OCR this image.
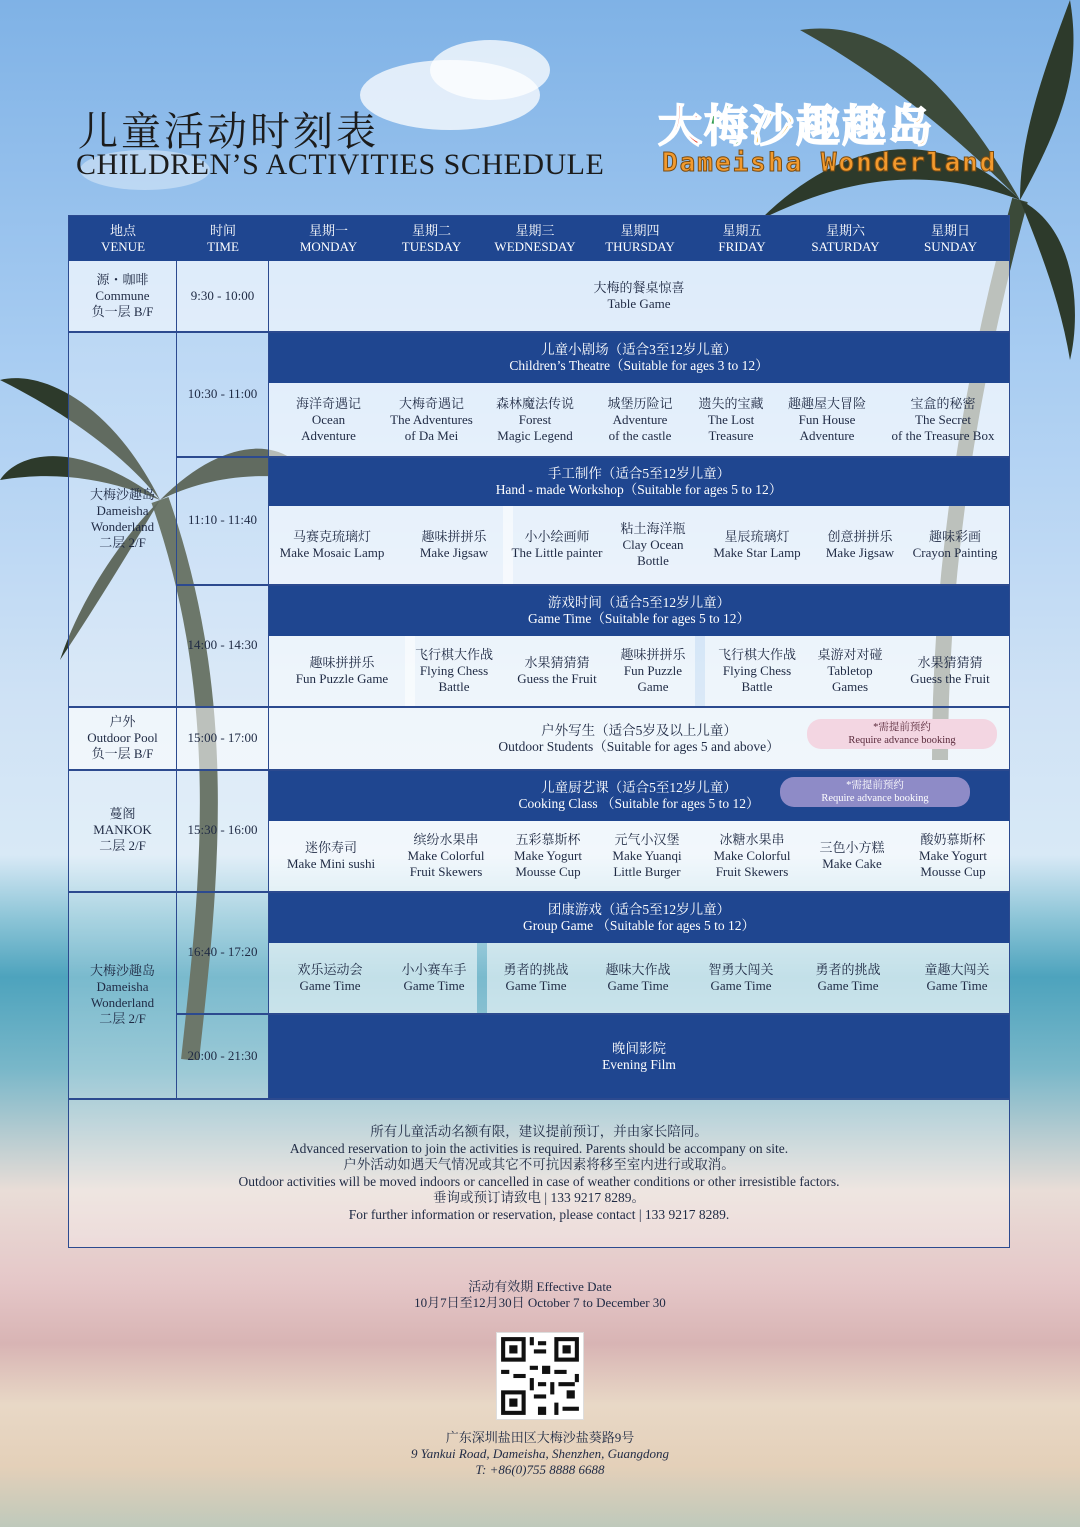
儿童活动时刻表
CHILDREN’S ACTIVITIES SCHEDULE
大梅沙趣趣岛
Dameisha Wonderland
地点
VENUE
时间
TIME
星期一
MONDAY
星期二
TUESDAY
星期三
WEDNESDAY
星期四
THURSDAY
星期五
FRIDAY
星期六
SATURDAY
星期日
SUNDAY
源・咖啡
Commune
负一层 B/F
大梅沙趣岛
Dameisha
Wonderland
二层 2/F
户外
Outdoor Pool
负一层 B/F
蔓阁
MANKOK
二层 2/F
大梅沙趣岛
Dameisha
Wonderland
二层 2/F
9:30 - 10:00
10:30 - 11:00
11:10 - 11:40
14:00 - 14:30
15:00 - 17:00
15:30 - 16:00
16:40 - 17:20
20:00 - 21:30
大梅的餐桌惊喜
Table Game
儿童小剧场（适合3至12岁儿童）
Children’s Theatre（Suitable for ages 3 to 12）
海洋奇遇记
Ocean
Adventure
大梅奇遇记
The Adventures
of Da Mei
森林魔法传说
Forest
Magic Legend
城堡历险记
Adventure
of the castle
遗失的宝藏
The Lost
Treasure
趣趣屋大冒险
Fun House
Adventure
宝盒的秘密
The Secret
of the Treasure Box
手工制作（适合5至12岁儿童）
Hand - made Workshop（Suitable for ages 5 to 12）
马赛克琉璃灯
Make Mosaic Lamp
趣味拼拼乐
Make Jigsaw
小小绘画师
The Little painter
粘土海洋瓶
Clay Ocean
Bottle
星辰琉璃灯
Make Star Lamp
创意拼拼乐
Make Jigsaw
趣味彩画
Crayon Painting
游戏时间（适合5至12岁儿童）
Game Time（Suitable for ages 5 to 12）
趣味拼拼乐
Fun Puzzle Game
飞行棋大作战
Flying Chess
Battle
水果猜猜猜
Guess the Fruit
趣味拼拼乐
Fun Puzzle
Game
飞行棋大作战
Flying Chess
Battle
桌游对对碰
Tabletop
Games
水果猜猜猜
Guess the Fruit
户外写生（适合5岁及以上儿童）
Outdoor Students（Suitable for ages 5 and above）
*需提前预约
Require advance booking
儿童厨艺课（适合5至12岁儿童）
Cooking Class （Suitable for ages 5 to 12）
*需提前预约
Require advance booking
迷你寿司
Make Mini sushi
缤纷水果串
Make Colorful
Fruit Skewers
五彩慕斯杯
Make Yogurt
Mousse Cup
元气小汉堡
Make Yuanqi
Little Burger
冰糖水果串
Make Colorful
Fruit Skewers
三色小方糕
Make Cake
酸奶慕斯杯
Make Yogurt
Mousse Cup
团康游戏（适合5至12岁儿童）
Group Game （Suitable for ages 5 to 12）
欢乐运动会
Game Time
小小赛车手
Game Time
勇者的挑战
Game Time
趣味大作战
Game Time
智勇大闯关
Game Time
勇者的挑战
Game Time
童趣大闯关
Game Time
晚间影院
Evening Film
所有儿童活动名额有限，建议提前预订，并由家长陪同。
Advanced reservation to join the activities is required. Parents should be accompany on site.
户外活动如遇天气情况或其它不可抗因素将移至室内进行或取消。
Outdoor activities will be moved indoors or cancelled in case of weather conditions or other irresistible factors.
垂询或预订请致电 | 133 9217 8289。
For further information or reservation, please contact | 133 9217 8289.
活动有效期 Effective Date
10月7日至12月30日 October 7 to December 30
广东深圳盐田区大梅沙盐葵路9号
9 Yankui Road, Dameisha, Shenzhen, Guangdong
T: +86(0)755 8888 6688
